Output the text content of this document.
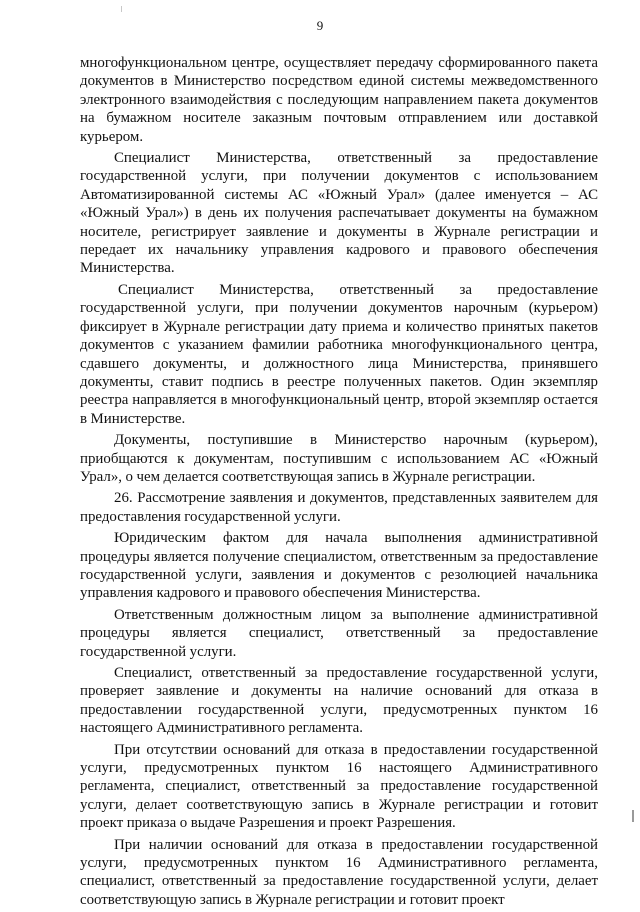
9

многофункциональном центре, осуществляет передачу сформированного пакета документов в Министерство посредством единой системы межведомственного электронного взаимодействия с последующим направлением пакета документов на бумажном носителе заказным почтовым отправлением или доставкой курьером.

Специалист Министерства, ответственный за предоставление государственной услуги, при получении документов с использованием Автоматизированной системы АС «Южный Урал» (далее именуется – АС «Южный Урал») в день их получения распечатывает документы на бумажном носителе, регистрирует заявление и документы в Журнале регистрации и передает их начальнику управления кадрового и правового обеспечения Министерства.

Специалист Министерства, ответственный за предоставление государственной услуги, при получении документов нарочным (курьером) фиксирует в Журнале регистрации дату приема и количество принятых пакетов документов с указанием фамилии работника многофункционального центра, сдавшего документы, и должностного лица Министерства, принявшего документы, ставит подпись в реестре полученных пакетов. Один экземпляр реестра направляется в многофункциональный центр, второй экземпляр остается в Министерстве.

Документы, поступившие в Министерство нарочным (курьером), приобщаются к документам, поступившим с использованием АС «Южный Урал», о чем делается соответствующая запись в Журнале регистрации.

26. Рассмотрение заявления и документов, представленных заявителем для предоставления государственной услуги.

Юридическим фактом для начала выполнения административной процедуры является получение специалистом, ответственным за предоставление государственной услуги, заявления и документов с резолюцией начальника управления кадрового и правового обеспечения Министерства.

Ответственным должностным лицом за выполнение административной процедуры является специалист, ответственный за предоставление государственной услуги.

Специалист, ответственный за предоставление государственной услуги, проверяет заявление и документы на наличие оснований для отказа в предоставлении государственной услуги, предусмотренных пунктом 16 настоящего Административного регламента.

При отсутствии оснований для отказа в предоставлении государственной услуги, предусмотренных пунктом 16 настоящего Административного регламента, специалист, ответственный за предоставление государственной услуги, делает соответствующую запись в Журнале регистрации и готовит проект приказа о выдаче Разрешения и проект Разрешения.

При наличии оснований для отказа в предоставлении государственной услуги, предусмотренных пунктом 16 Административного регламента, специалист, ответственный за предоставление государственной услуги, делает соответствующую запись в Журнале регистрации и готовит проект
